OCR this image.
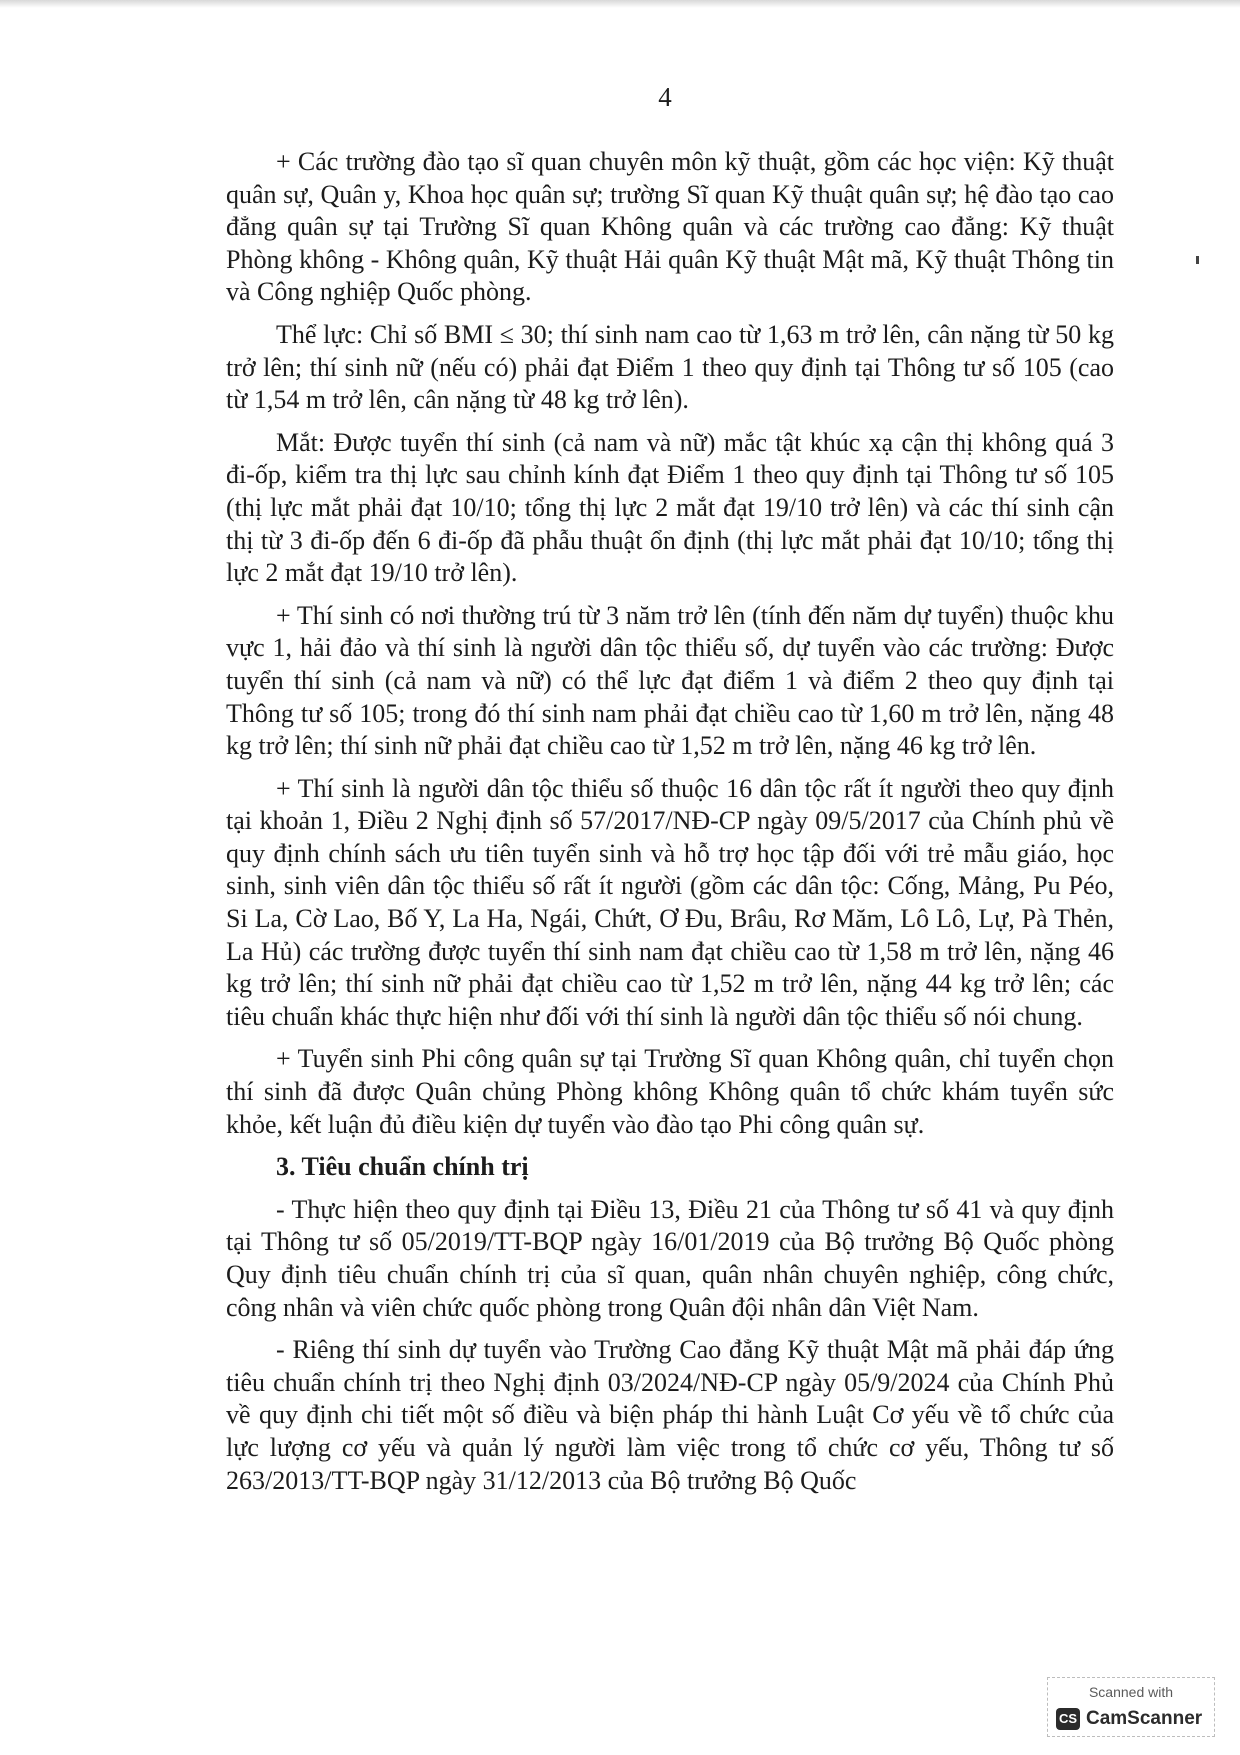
4

+ Các trường đào tạo sĩ quan chuyên môn kỹ thuật, gồm các học viện: Kỹ thuật quân sự, Quân y, Khoa học quân sự; trường Sĩ quan Kỹ thuật quân sự; hệ đào tạo cao đẳng quân sự tại Trường Sĩ quan Không quân và các trường cao đẳng: Kỹ thuật Phòng không - Không quân, Kỹ thuật Hải quân Kỹ thuật Mật mã, Kỹ thuật Thông tin và Công nghiệp Quốc phòng.

Thể lực: Chỉ số BMI ≤ 30; thí sinh nam cao từ 1,63 m trở lên, cân nặng từ 50 kg trở lên; thí sinh nữ (nếu có) phải đạt Điểm 1 theo quy định tại Thông tư số 105 (cao từ 1,54 m trở lên, cân nặng từ 48 kg trở lên).

Mắt: Được tuyển thí sinh (cả nam và nữ) mắc tật khúc xạ cận thị không quá 3 đi-ốp, kiểm tra thị lực sau chỉnh kính đạt Điểm 1 theo quy định tại Thông tư số 105 (thị lực mắt phải đạt 10/10; tổng thị lực 2 mắt đạt 19/10 trở lên) và các thí sinh cận thị từ 3 đi-ốp đến 6 đi-ốp đã phẫu thuật ổn định (thị lực mắt phải đạt 10/10; tổng thị lực 2 mắt đạt 19/10 trở lên).

+ Thí sinh có nơi thường trú từ 3 năm trở lên (tính đến năm dự tuyển) thuộc khu vực 1, hải đảo và thí sinh là người dân tộc thiểu số, dự tuyển vào các trường: Được tuyển thí sinh (cả nam và nữ) có thể lực đạt điểm 1 và điểm 2 theo quy định tại Thông tư số 105; trong đó thí sinh nam phải đạt chiều cao từ 1,60 m trở lên, nặng 48 kg trở lên; thí sinh nữ phải đạt chiều cao từ 1,52 m trở lên, nặng 46 kg trở lên.

+ Thí sinh là người dân tộc thiểu số thuộc 16 dân tộc rất ít người theo quy định tại khoản 1, Điều 2 Nghị định số 57/2017/NĐ-CP ngày 09/5/2017 của Chính phủ về quy định chính sách ưu tiên tuyển sinh và hỗ trợ học tập đối với trẻ mẫu giáo, học sinh, sinh viên dân tộc thiểu số rất ít người (gồm các dân tộc: Cống, Mảng, Pu Péo, Si La, Cờ Lao, Bố Y, La Ha, Ngái, Chứt, Ơ Đu, Brâu, Rơ Măm, Lô Lô, Lự, Pà Thẻn, La Hủ) các trường được tuyển thí sinh nam đạt chiều cao từ 1,58 m trở lên, nặng 46 kg trở lên; thí sinh nữ phải đạt chiều cao từ 1,52 m trở lên, nặng 44 kg trở lên; các tiêu chuẩn khác thực hiện như đối với thí sinh là người dân tộc thiểu số nói chung.

+ Tuyển sinh Phi công quân sự tại Trường Sĩ quan Không quân, chỉ tuyển chọn thí sinh đã được Quân chủng Phòng không Không quân tổ chức khám tuyển sức khỏe, kết luận đủ điều kiện dự tuyển vào đào tạo Phi công quân sự.

3. Tiêu chuẩn chính trị

- Thực hiện theo quy định tại Điều 13, Điều 21 của Thông tư số 41 và quy định tại Thông tư số 05/2019/TT-BQP ngày 16/01/2019 của Bộ trưởng Bộ Quốc phòng Quy định tiêu chuẩn chính trị của sĩ quan, quân nhân chuyên nghiệp, công chức, công nhân và viên chức quốc phòng trong Quân đội nhân dân Việt Nam.

- Riêng thí sinh dự tuyển vào Trường Cao đẳng Kỹ thuật Mật mã phải đáp ứng tiêu chuẩn chính trị theo Nghị định 03/2024/NĐ-CP ngày 05/9/2024 của Chính Phủ về quy định chi tiết một số điều và biện pháp thi hành Luật Cơ yếu về tổ chức của lực lượng cơ yếu và quản lý người làm việc trong tổ chức cơ yếu, Thông tư số 263/2013/TT-BQP ngày 31/12/2013 của Bộ trưởng Bộ Quốc

Scanned with
CS CamScanner
